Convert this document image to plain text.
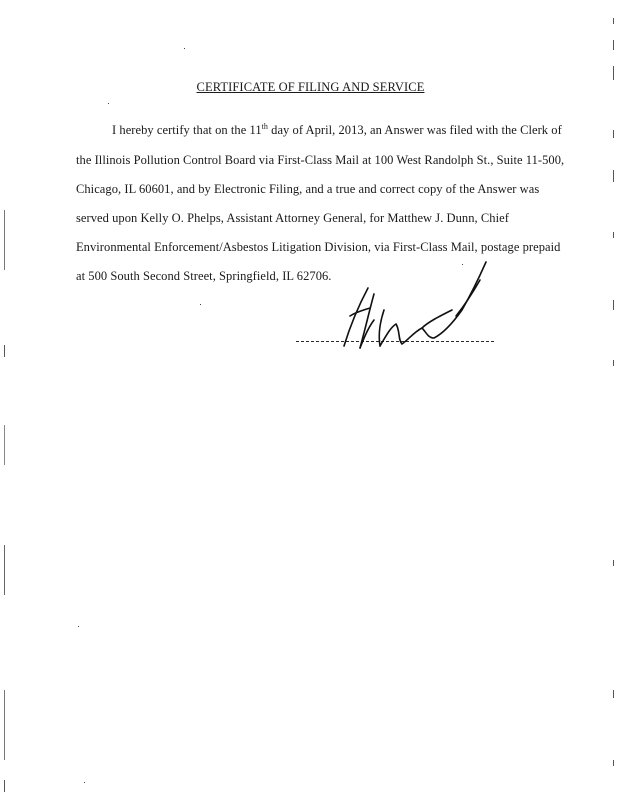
CERTIFICATE OF FILING AND SERVICE
I hereby certify that on the 11th day of April, 2013, an Answer was filed with the Clerk of
the Illinois Pollution Control Board via First-Class Mail at 100 West Randolph St., Suite 11-500,
Chicago, IL 60601, and by Electronic Filing, and a true and correct copy of the Answer was
served upon Kelly O. Phelps, Assistant Attorney General, for Matthew J. Dunn, Chief
Environmental Enforcement/Asbestos Litigation Division, via First-Class Mail, postage prepaid
at 500 South Second Street, Springfield, IL 62706.
